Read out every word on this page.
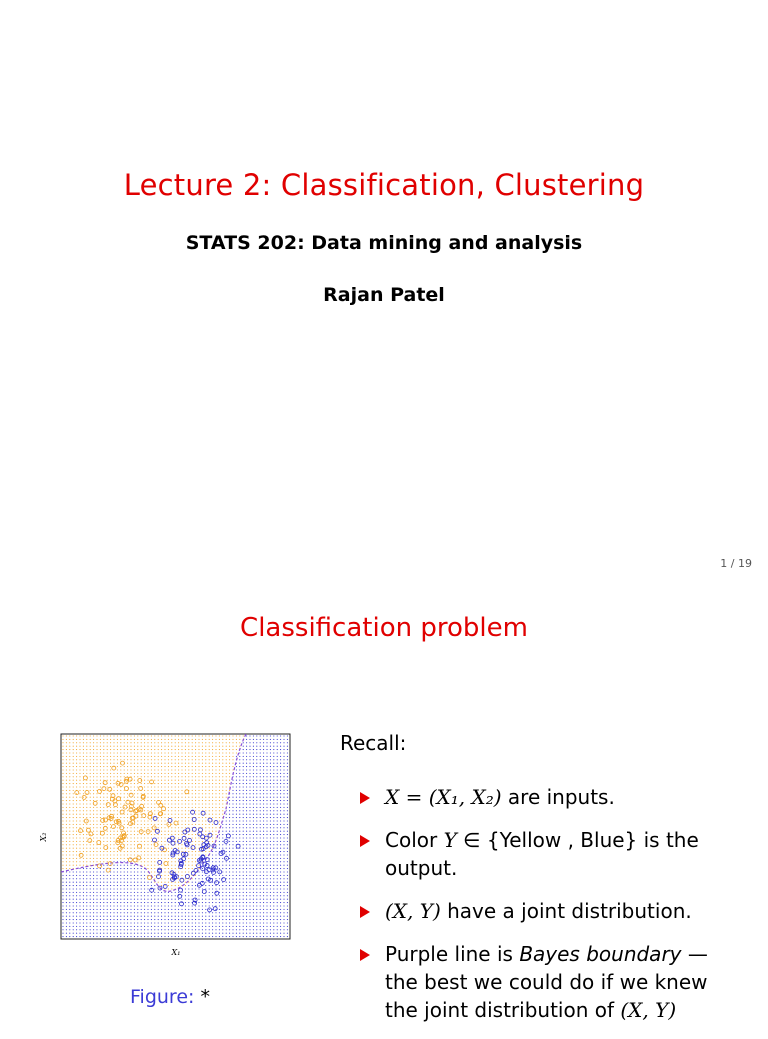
Lecture 2: Classification, Clustering
STATS 202: Data mining and analysis
Rajan Patel
1 / 19
Classification problem
X₁
X₂
Figure: *
Recall:
X = (X₁, X₂) are inputs.
Color Y ∈ {Yellow , Blue} is the output.
(X, Y) have a joint distribution.
Purple line is Bayes boundary — the best we could do if we knew the joint distribution of (X, Y)
